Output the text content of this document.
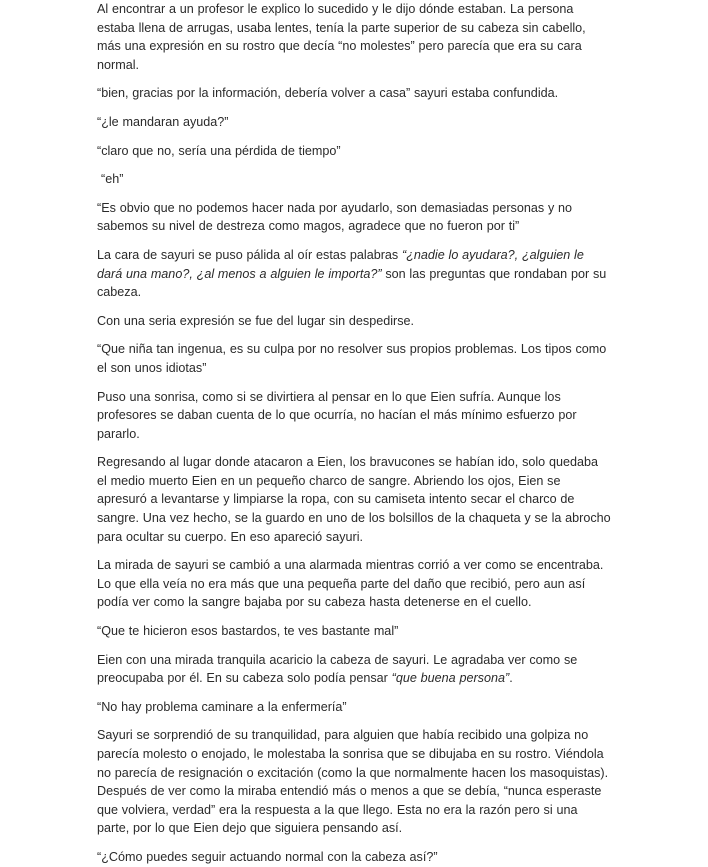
Al encontrar a un profesor le explico lo sucedido y le dijo dónde estaban. La persona estaba llena de arrugas, usaba lentes, tenía la parte superior de su cabeza sin cabello, más una expresión en su rostro que decía “no molestes” pero parecía que era su cara normal.

“bien, gracias por la información, debería volver a casa” sayuri estaba confundida.

“¿le mandaran ayuda?”

“claro que no, sería una pérdida de tiempo”

“eh”

“Es obvio que no podemos hacer nada por ayudarlo, son demasiadas personas y no sabemos su nivel de destreza como magos, agradece que no fueron por ti”

La cara de sayuri se puso pálida al oír estas palabras “¿nadie lo ayudara?, ¿alguien le dará una mano?, ¿al menos a alguien le importa?” son las preguntas que rondaban por su cabeza.

Con una seria expresión se fue del lugar sin despedirse.

“Que niña tan ingenua, es su culpa por no resolver sus propios problemas. Los tipos como el son unos idiotas”

Puso una sonrisa, como si se divirtiera al pensar en lo que Eien sufría. Aunque los profesores se daban cuenta de lo que ocurría, no hacían el más mínimo esfuerzo por pararlo.

Regresando al lugar donde atacaron a Eien, los bravucones se habían ido, solo quedaba el medio muerto Eien en un pequeño charco de sangre. Abriendo los ojos, Eien se apresuró a levantarse y limpiarse la ropa, con su camiseta intento secar el charco de sangre. Una vez hecho, se la guardo en uno de los bolsillos de la chaqueta y se la abrocho para ocultar su cuerpo. En eso apareció sayuri.

La mirada de sayuri se cambió a una alarmada mientras corrió a ver como se encentraba. Lo que ella veía no era más que una pequeña parte del daño que recibió, pero aun así podía ver como la sangre bajaba por su cabeza hasta detenerse en el cuello.

“Que te hicieron esos bastardos, te ves bastante mal”

Eien con una mirada tranquila acaricio la cabeza de sayuri. Le agradaba ver como se preocupaba por él. En su cabeza solo podía pensar “que buena persona”.

“No hay problema caminare a la enfermería”

Sayuri se sorprendió de su tranquilidad, para alguien que había recibido una golpiza no parecía molesto o enojado, le molestaba la sonrisa que se dibujaba en su rostro. Viéndola no parecía de resignación o excitación (como la que normalmente hacen los masoquistas). Después de ver como la miraba entendió más o menos a que se debía, “nunca esperaste que volviera, verdad” era la respuesta a la que llego. Esta no era la razón pero si una parte, por lo que Eien dejo que siguiera pensando así.

“¿Cómo puedes seguir actuando normal con la cabeza así?”
